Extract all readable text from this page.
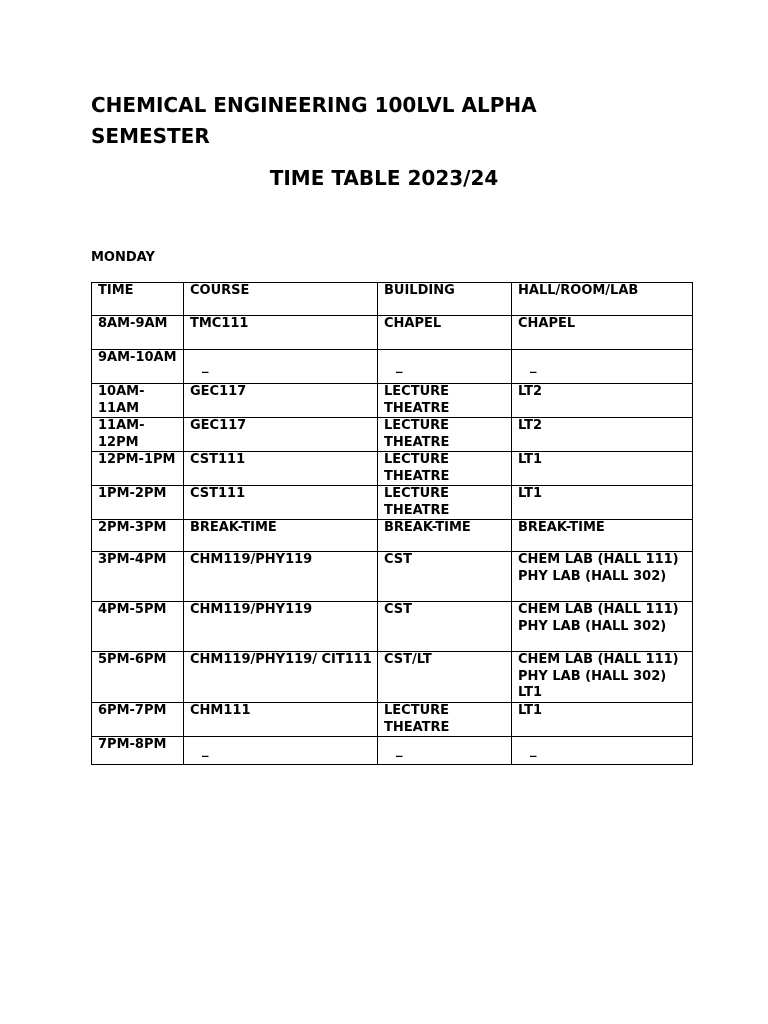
CHEMICAL ENGINEERING 100LVL ALPHA SEMESTER
TIME TABLE 2023/24

MONDAY

TIME	COURSE	BUILDING	HALL/ROOM/LAB
8AM-9AM	TMC111	CHAPEL	CHAPEL
9AM-10AM	_	_	_

10AM-11AM	GEC117	LECTURE THEATRE	LT2
11AM-12PM	GEC117	LECTURE THEATRE	LT2
12PM-1PM	CST111	LECTURE THEATRE	LT1
1PM-2PM	CST111	LECTURE THEATRE	LT1
2PM-3PM	BREAK-TIME	BREAK-TIME	BREAK-TIME
3PM-4PM	CHM119/PHY119	CST	CHEM LAB (HALL 111) PHY LAB (HALL 302)
4PM-5PM	CHM119/PHY119	CST	CHEM LAB (HALL 111) PHY LAB (HALL 302)
5PM-6PM	CHM119/PHY119/ CIT111	CST/LT	CHEM LAB (HALL 111) PHY LAB (HALL 302) LT1
6PM-7PM	CHM111	LECTURE THEATRE	LT1
7PM-8PM	_	_	_
